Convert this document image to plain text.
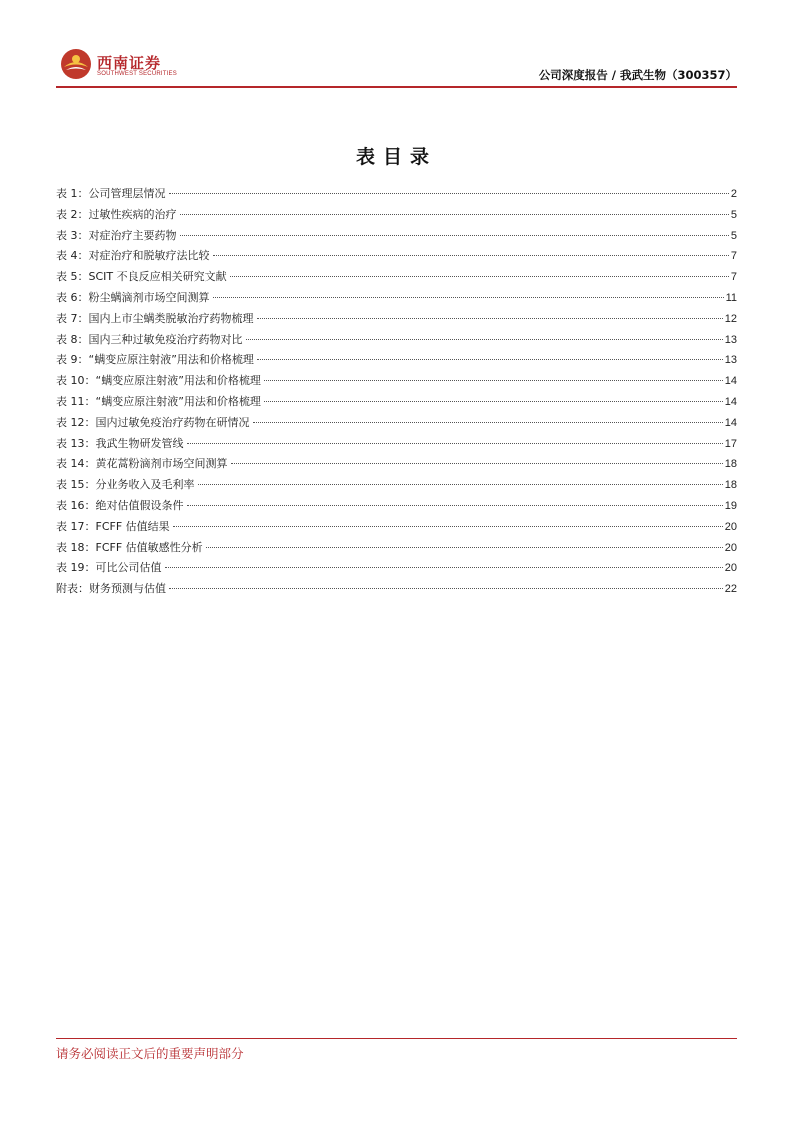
西南证券
SOUTHWEST SECURITIES	公司深度报告 / 我武生物（300357）
表目录
表 1：公司管理层情况	2
表 2：过敏性疾病的治疗	5
表 3：对症治疗主要药物	5
表 4：对症治疗和脱敏疗法比较	7
表 5：SCIT 不良反应相关研究文献	7
表 6：粉尘螨滴剂市场空间测算	11
表 7：国内上市尘螨类脱敏治疗药物梳理	12
表 8：国内三种过敏免疫治疗药物对比	13
表 9：“螨变应原注射液”用法和价格梳理	13
表 10：“螨变应原注射液”用法和价格梳理	14
表 11：“螨变应原注射液”用法和价格梳理	14
表 12：国内过敏免疫治疗药物在研情况	14
表 13：我武生物研发管线	17
表 14：黄花蒿粉滴剂市场空间测算	18
表 15：分业务收入及毛利率	18
表 16：绝对估值假设条件	19
表 17：FCFF 估值结果	20
表 18：FCFF 估值敏感性分析	20
表 19：可比公司估值	20
附表：财务预测与估值	22
请务必阅读正文后的重要声明部分
